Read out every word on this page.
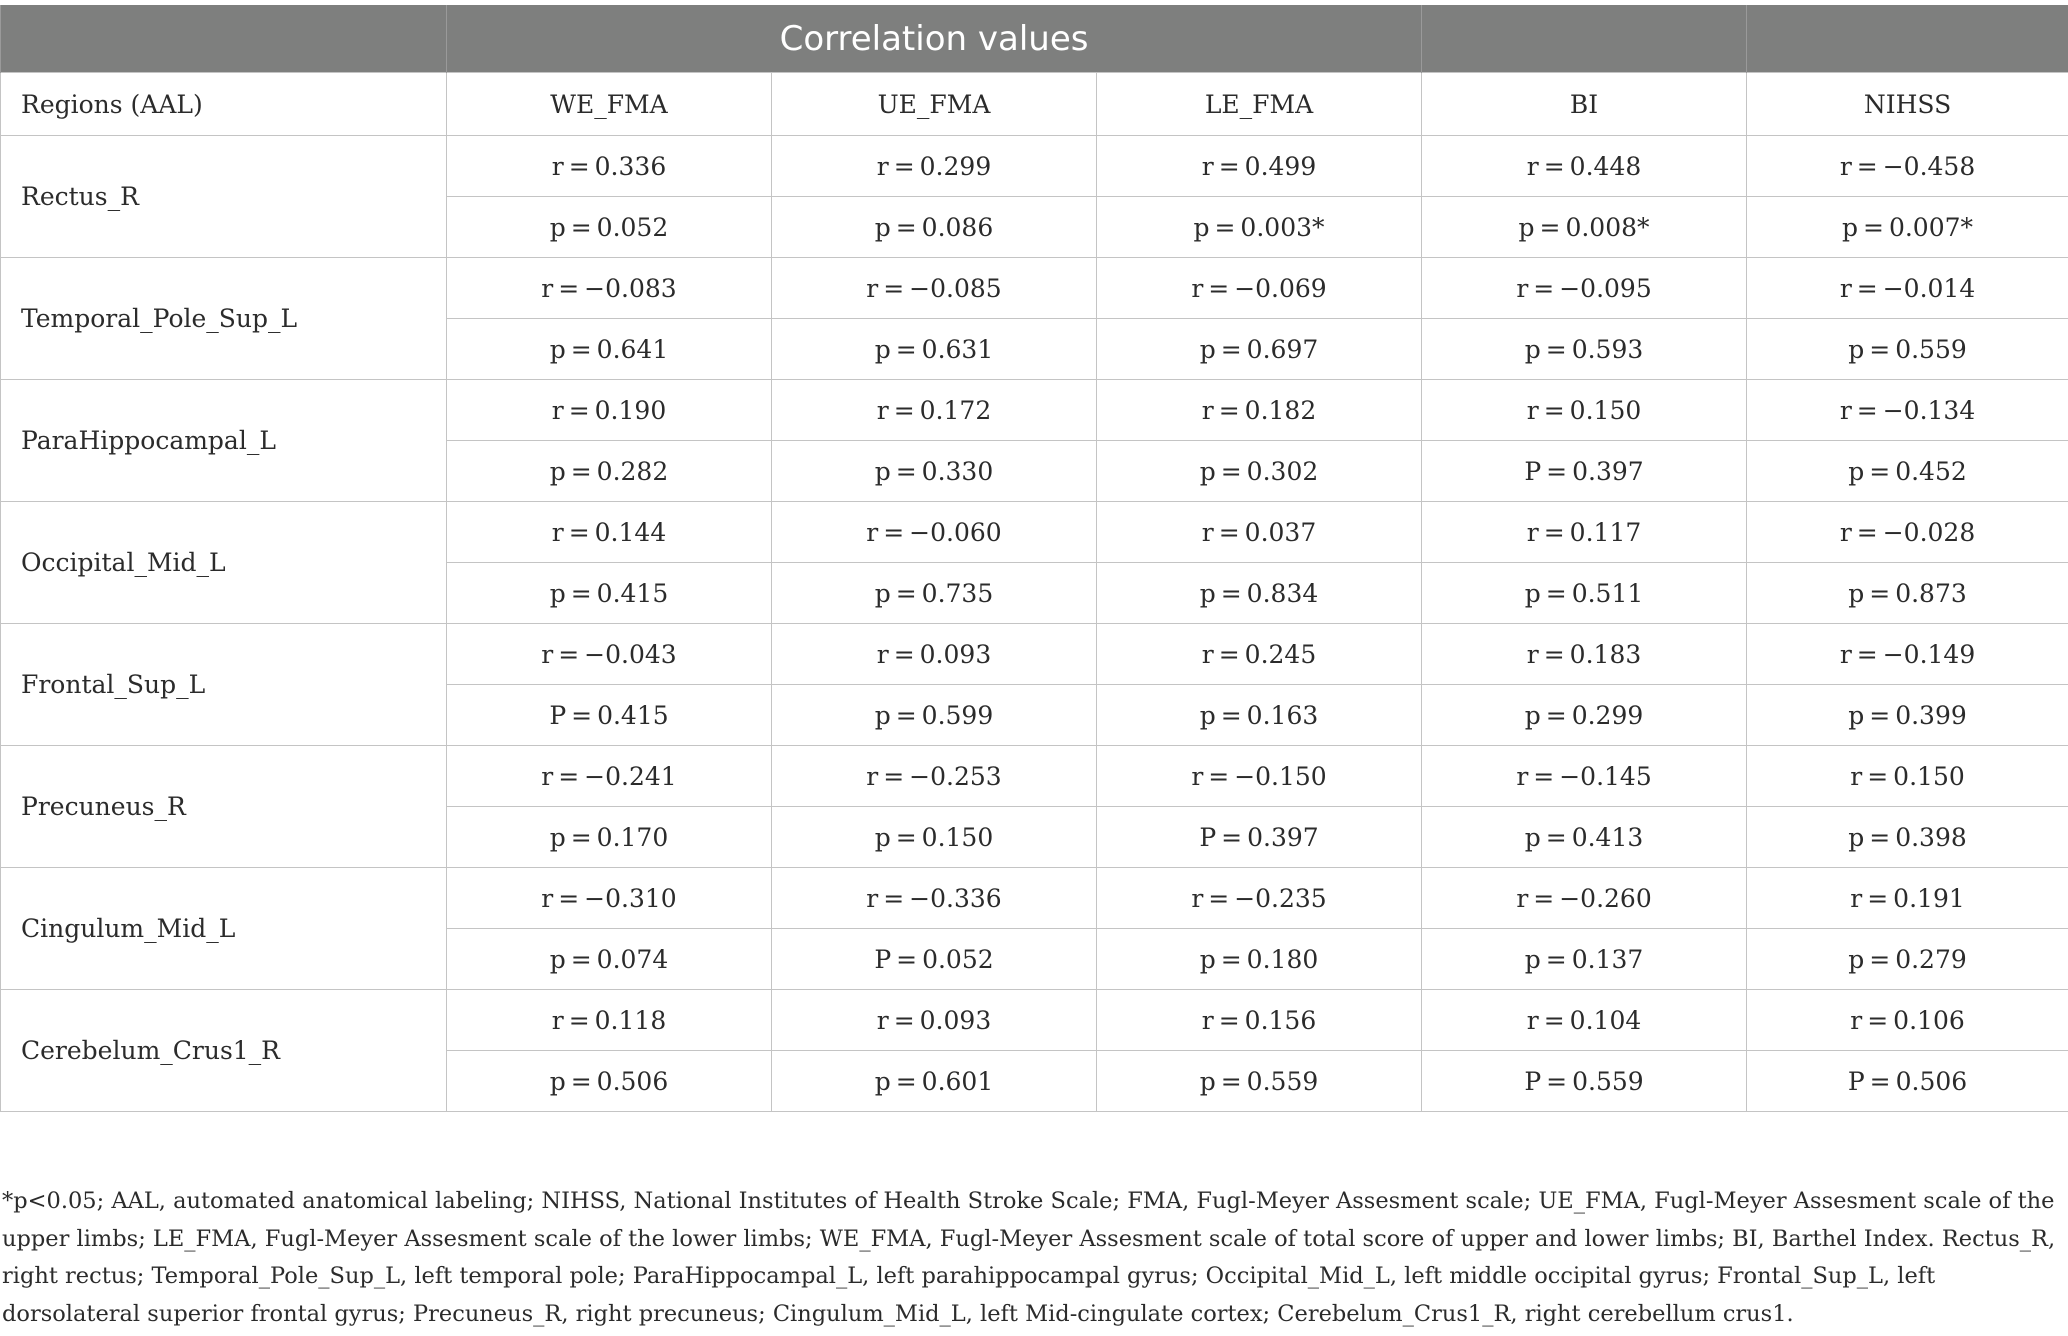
	Correlation values				
Regions (AAL)	WE_FMA	UE_FMA	LE_FMA	BI	NIHSS
Rectus_R	r = 0.336	r = 0.299	r = 0.499	r = 0.448	r = −0.458
	p = 0.052	p = 0.086	p = 0.003*	p = 0.008*	p = 0.007*
Temporal_Pole_Sup_L	r = −0.083	r = −0.085	r = −0.069	r = −0.095	r = −0.014
	p = 0.641	p = 0.631	p = 0.697	p = 0.593	p = 0.559
ParaHippocampal_L	r = 0.190	r = 0.172	r = 0.182	r = 0.150	r = −0.134
	p = 0.282	p = 0.330	p = 0.302	P = 0.397	p = 0.452
Occipital_Mid_L	r = 0.144	r = −0.060	r = 0.037	r = 0.117	r = −0.028
	p = 0.415	p = 0.735	p = 0.834	p = 0.511	p = 0.873
Frontal_Sup_L	r = −0.043	r = 0.093	r = 0.245	r = 0.183	r = −0.149
	P = 0.415	p = 0.599	p = 0.163	p = 0.299	p = 0.399
Precuneus_R	r = −0.241	r = −0.253	r = −0.150	r = −0.145	r = 0.150
	p = 0.170	p = 0.150	P = 0.397	p = 0.413	p = 0.398
Cingulum_Mid_L	r = −0.310	r = −0.336	r = −0.235	r = −0.260	r = 0.191
	p = 0.074	P = 0.052	p = 0.180	p = 0.137	p = 0.279
Cerebelum_Crus1_R	r = 0.118	r = 0.093	r = 0.156	r = 0.104	r = 0.106
	p = 0.506	p = 0.601	p = 0.559	P = 0.559	P = 0.506
*p<0.05; AAL, automated anatomical labeling; NIHSS, National Institutes of Health Stroke Scale; FMA, Fugl-Meyer Assesment scale; UE_FMA, Fugl-Meyer Assesment scale of the upper limbs; LE_FMA, Fugl-Meyer Assesment scale of the lower limbs; WE_FMA, Fugl-Meyer Assesment scale of total score of upper and lower limbs; BI, Barthel Index. Rectus_R, right rectus; Temporal_Pole_Sup_L, left temporal pole; ParaHippocampal_L, left parahippocampal gyrus; Occipital_Mid_L, left middle occipital gyrus; Frontal_Sup_L, left dorsolateral superior frontal gyrus; Precuneus_R, right precuneus; Cingulum_Mid_L, left Mid-cingulate cortex; Cerebelum_Crus1_R, right cerebellum crus1.
